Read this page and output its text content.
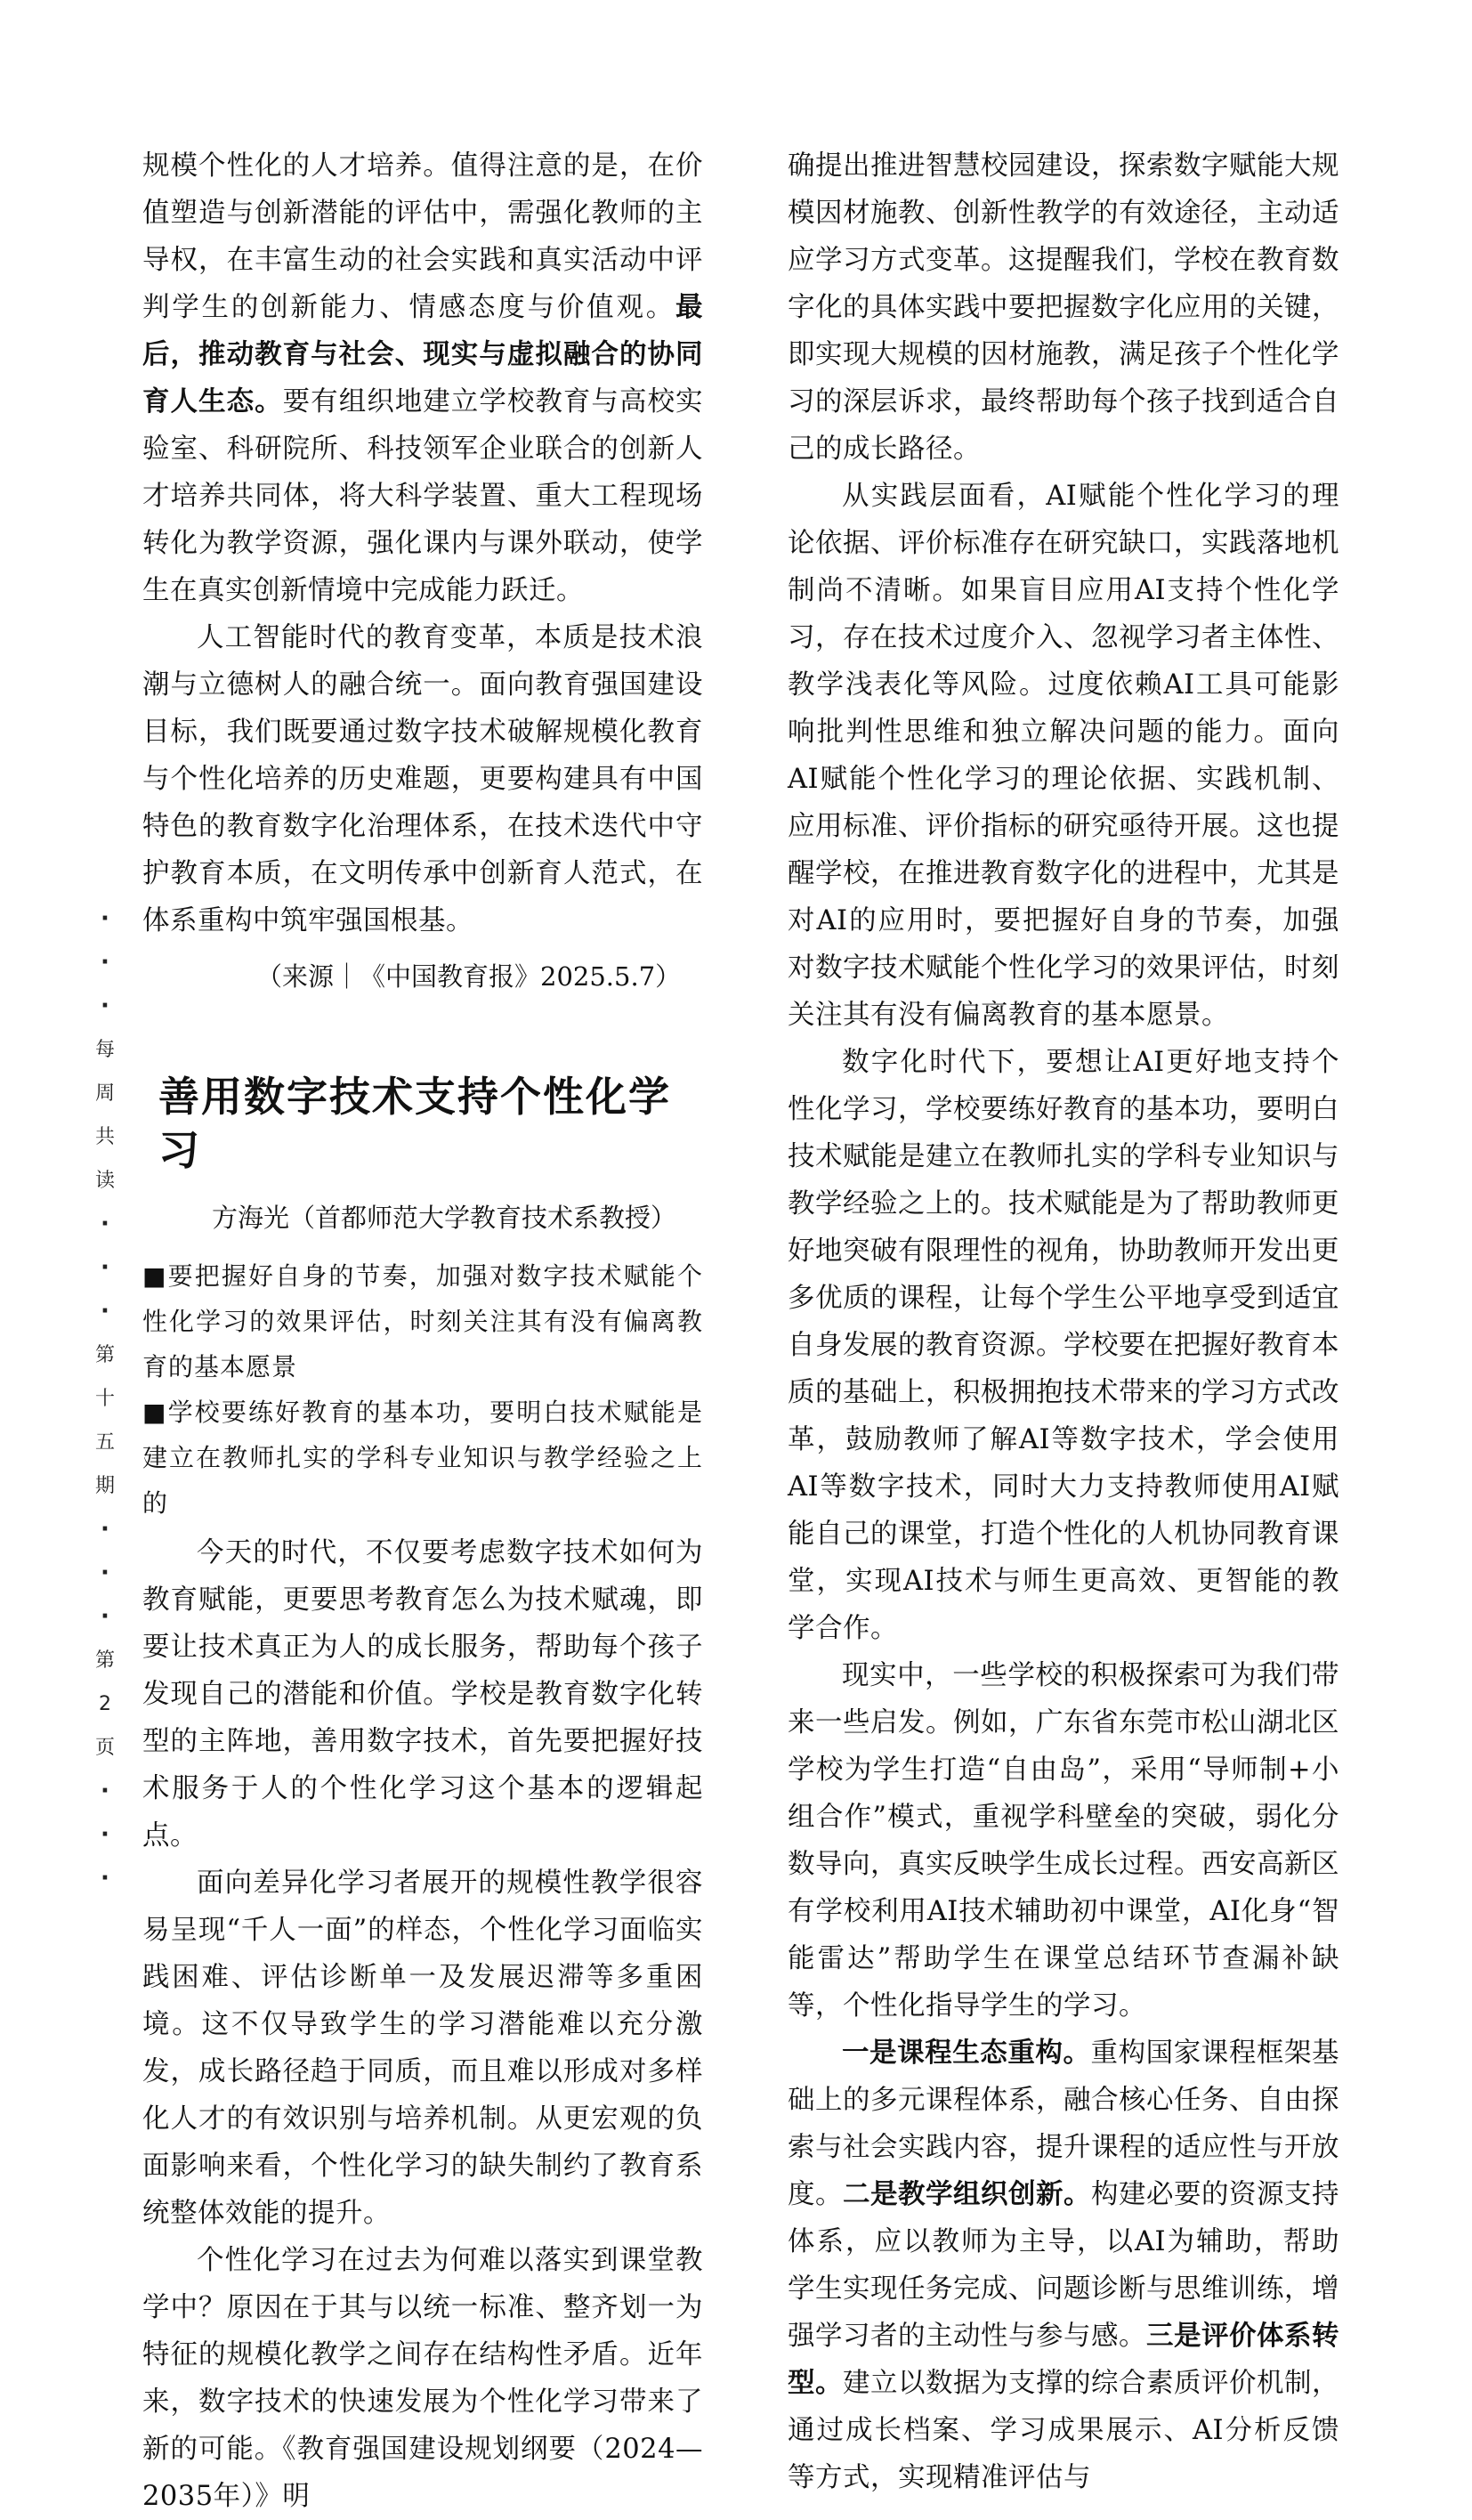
·
·
·
每
周
共
读
·
·
·
第
十
五
期
·
·
·
第
2
页
·
·
·

规模个性化的人才培养。值得注意的是，在价值塑造与创新潜能的评估中，需强化教师的主导权，在丰富生动的社会实践和真实活动中评判学生的创新能力、情感态度与价值观。最后，推动教育与社会、现实与虚拟融合的协同育人生态。要有组织地建立学校教育与高校实验室、科研院所、科技领军企业联合的创新人才培养共同体，将大科学装置、重大工程现场转化为教学资源，强化课内与课外联动，使学生在真实创新情境中完成能力跃迁。

人工智能时代的教育变革，本质是技术浪潮与立德树人的融合统一。面向教育强国建设目标，我们既要通过数字技术破解规模化教育与个性化培养的历史难题，更要构建具有中国特色的教育数字化治理体系，在技术迭代中守护教育本质，在文明传承中创新育人范式，在体系重构中筑牢强国根基。

（来源｜《中国教育报》2025.5.7）
善用数字技术支持个性化学习
方海光（首都师范大学教育技术系教授）

■要把握好自身的节奏，加强对数字技术赋能个性化学习的效果评估，时刻关注其有没有偏离教育的基本愿景

■学校要练好教育的基本功，要明白技术赋能是建立在教师扎实的学科专业知识与教学经验之上的

今天的时代，不仅要考虑数字技术如何为教育赋能，更要思考教育怎么为技术赋魂，即要让技术真正为人的成长服务，帮助每个孩子发现自己的潜能和价值。学校是教育数字化转型的主阵地，善用数字技术，首先要把握好技术服务于人的个性化学习这个基本的逻辑起点。

面向差异化学习者展开的规模性教学很容易呈现“千人一面”的样态，个性化学习面临实践困难、评估诊断单一及发展迟滞等多重困境。这不仅导致学生的学习潜能难以充分激发，成长路径趋于同质，而且难以形成对多样化人才的有效识别与培养机制。从更宏观的负面影响来看，个性化学习的缺失制约了教育系统整体效能的提升。

个性化学习在过去为何难以落实到课堂教学中？原因在于其与以统一标准、整齐划一为特征的规模化教学之间存在结构性矛盾。近年来，数字技术的快速发展为个性化学习带来了新的可能。《教育强国建设规划纲要（2024—2035年）》明

确提出推进智慧校园建设，探索数字赋能大规模因材施教、创新性教学的有效途径，主动适应学习方式变革。这提醒我们，学校在教育数字化的具体实践中要把握数字化应用的关键，即实现大规模的因材施教，满足孩子个性化学习的深层诉求，最终帮助每个孩子找到适合自己的成长路径。

从实践层面看，AI赋能个性化学习的理论依据、评价标准存在研究缺口，实践落地机制尚不清晰。如果盲目应用AI支持个性化学习，存在技术过度介入、忽视学习者主体性、教学浅表化等风险。过度依赖AI工具可能影响批判性思维和独立解决问题的能力。面向AI赋能个性化学习的理论依据、实践机制、应用标准、评价指标的研究亟待开展。这也提醒学校，在推进教育数字化的进程中，尤其是对AI的应用时，要把握好自身的节奏，加强对数字技术赋能个性化学习的效果评估，时刻关注其有没有偏离教育的基本愿景。

数字化时代下，要想让AI更好地支持个性化学习，学校要练好教育的基本功，要明白技术赋能是建立在教师扎实的学科专业知识与教学经验之上的。技术赋能是为了帮助教师更好地突破有限理性的视角，协助教师开发出更多优质的课程，让每个学生公平地享受到适宜自身发展的教育资源。学校要在把握好教育本质的基础上，积极拥抱技术带来的学习方式改革，鼓励教师了解AI等数字技术，学会使用AI等数字技术，同时大力支持教师使用AI赋能自己的课堂，打造个性化的人机协同教育课堂，实现AI技术与师生更高效、更智能的教学合作。

现实中，一些学校的积极探索可为我们带来一些启发。例如，广东省东莞市松山湖北区学校为学生打造“自由岛”，采用“导师制+小组合作”模式，重视学科壁垒的突破，弱化分数导向，真实反映学生成长过程。西安高新区有学校利用AI技术辅助初中课堂，AI化身“智能雷达”帮助学生在课堂总结环节查漏补缺等，个性化指导学生的学习。

一是课程生态重构。重构国家课程框架基础上的多元课程体系，融合核心任务、自由探索与社会实践内容，提升课程的适应性与开放度。二是教学组织创新。构建必要的资源支持体系，应以教师为主导，以AI为辅助，帮助学生实现任务完成、问题诊断与思维训练，增强学习者的主动性与参与感。三是评价体系转型。建立以数据为支撑的综合素质评价机制，通过成长档案、学习成果展示、AI分析反馈等方式，实现精准评估与
